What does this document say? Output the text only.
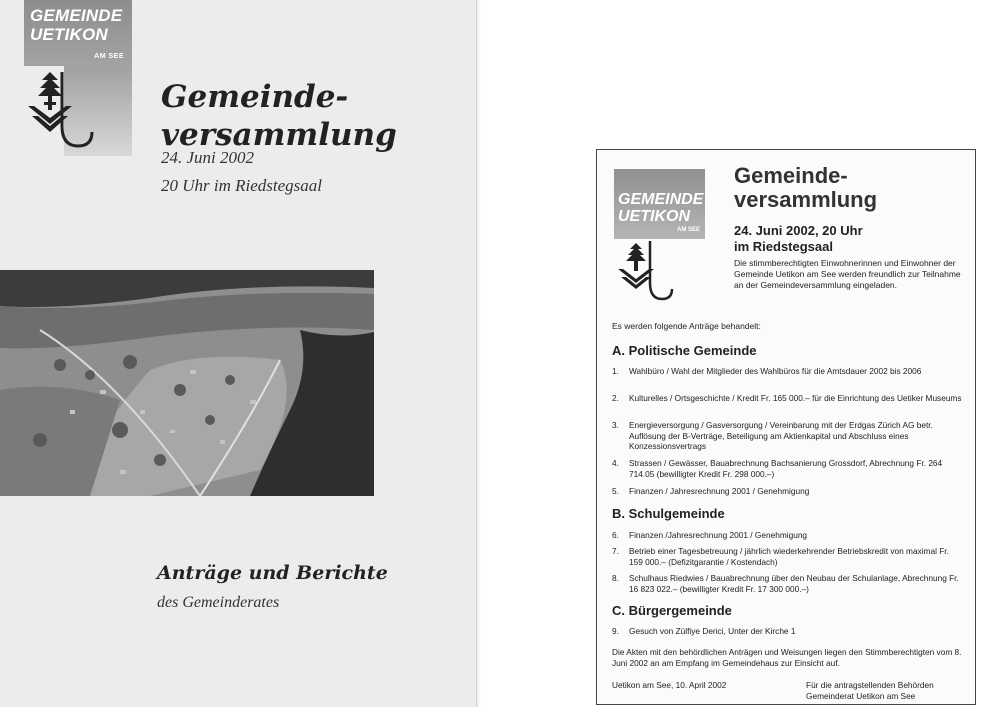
GEMEINDE
UETIKON
AM SEE
Gemeinde-
versammlung
24. Juni 2002
20 Uhr im Riedstegsaal
Anträge und Berichte
des Gemeinderates
GEMEINDE
UETIKON
AM SEE
Gemeinde-
versammlung
24. Juni 2002, 20 Uhr
im Riedstegsaal
Die stimmberechtigten Einwohnerinnen und Einwohner der Gemeinde Uetikon am See werden freundlich zur Teilnahme an der Gemeindeversammlung eingeladen.
Es werden folgende Anträge behandelt:
A. Politische Gemeinde
1.	Wahlbüro / Wahl der Mitglieder des Wahlbüros für die Amtsdauer 2002 bis 2006
2.	Kulturelles / Ortsgeschichte / Kredit Fr. 165 000.– für die Einrichtung des Uetiker Museums
3.	Energieversorgung / Gasversorgung / Vereinbarung mit der Erdgas Zürich AG betr. Auflösung der B-Verträge, Beteiligung am Aktienkapital und Abschluss eines Konzessionsvertrags
4.	Strassen / Gewässer, Bauabrechnung Bachsanierung Grossdorf, Abrechnung Fr. 264 714.05 (bewilligter Kredit Fr. 298 000.–)
5.	Finanzen / Jahresrechnung 2001 / Genehmigung
B. Schulgemeinde
6.	Finanzen /Jahresrechnung 2001 / Genehmigung
7.	Betrieb einer Tagesbetreuung / jährlich wiederkehrender Betriebskredit von maximal Fr. 159 000.– (Defizitgarantie / Kostendach)
8.	Schulhaus Riedwies / Bauabrechnung über den Neubau der Schulanlage, Abrechnung Fr. 16 823 022.– (bewilligter Kredit Fr. 17 300 000.–)
C. Bürgergemeinde
9.	Gesuch von Zülfiye Derici, Unter der Kirche 1
Die Akten mit den behördlichen Anträgen und Weisungen liegen den Stimmberechtigten vom 8. Juni 2002 an am Empfang im Gemeindehaus zur Einsicht auf.
Uetikon am See, 10. April 2002	Für die antragstellenden Behörden
Gemeinderat Uetikon am See
